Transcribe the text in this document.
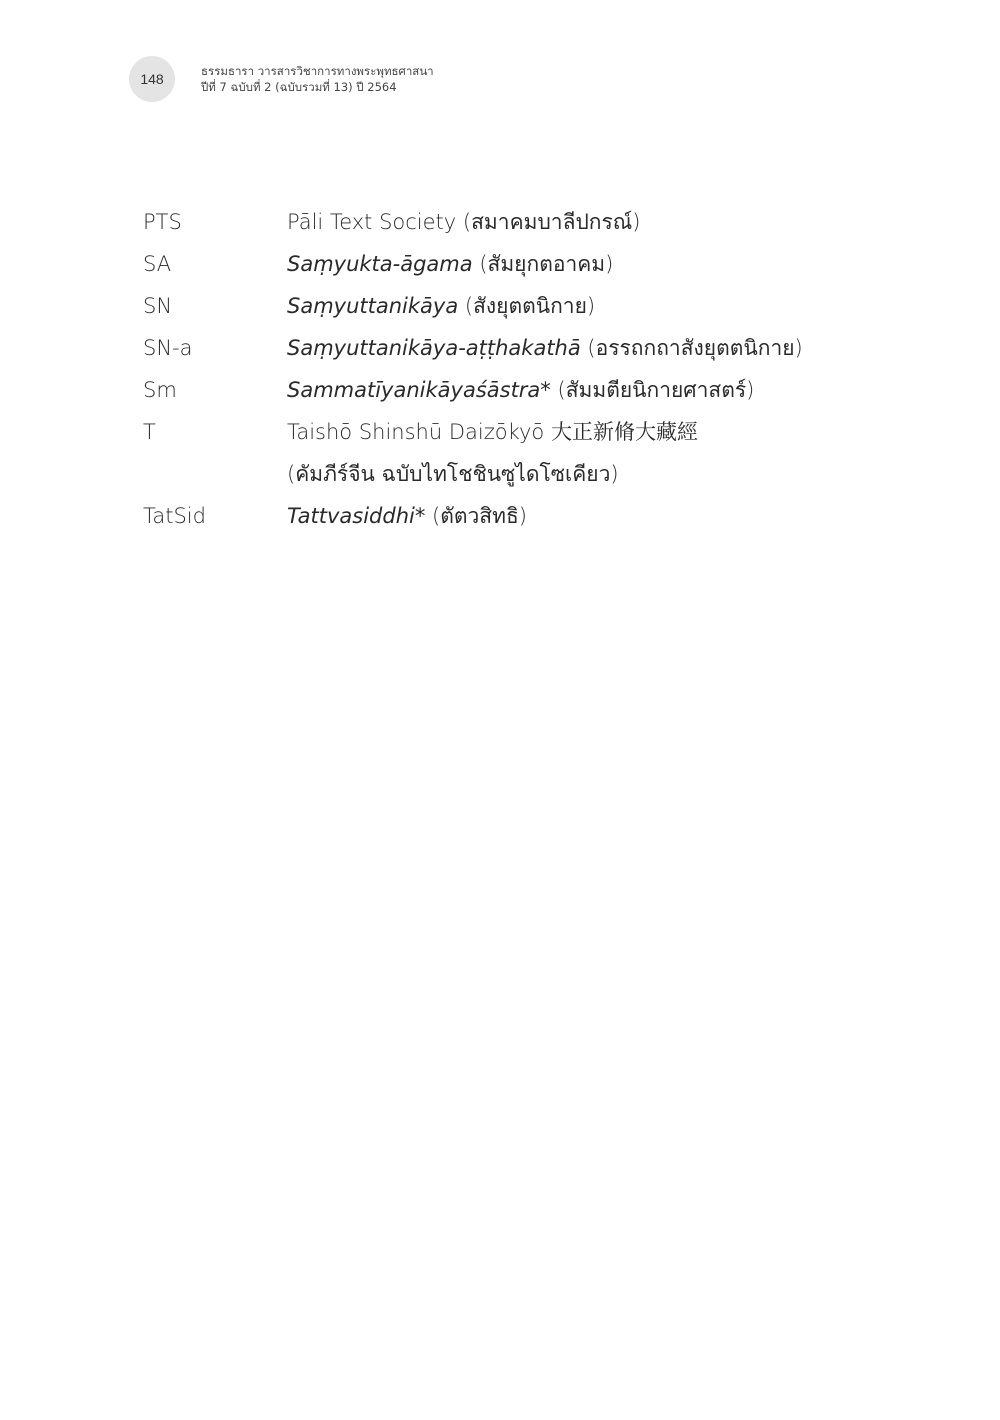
148	ธรรมธารา วารสารวิชาการทางพระพุทธศาสนา
ปีที่ 7 ฉบับที่ 2 (ฉบับรวมที่ 13) ปี 2564
PTS	Pāli Text Society (สมาคมบาลีปกรณ์)
SA	Saṃyukta-āgama (สัมยุกตอาคม)
SN	Saṃyuttanikāya (สังยุตตนิกาย)
SN-a	Saṃyuttanikāya-aṭṭhakathā (อรรถกถาสังยุตตนิกาย)
Sm	Sammatīyanikāyaśāstra* (สัมมตียนิกายศาสตร์)
T	Taishō Shinshū Daizōkyō 大正新脩大藏經
(คัมภีร์จีน ฉบับไทโชชินซูไดโซเคียว)
TatSid	Tattvasiddhi* (ตัตวสิทธิ)
